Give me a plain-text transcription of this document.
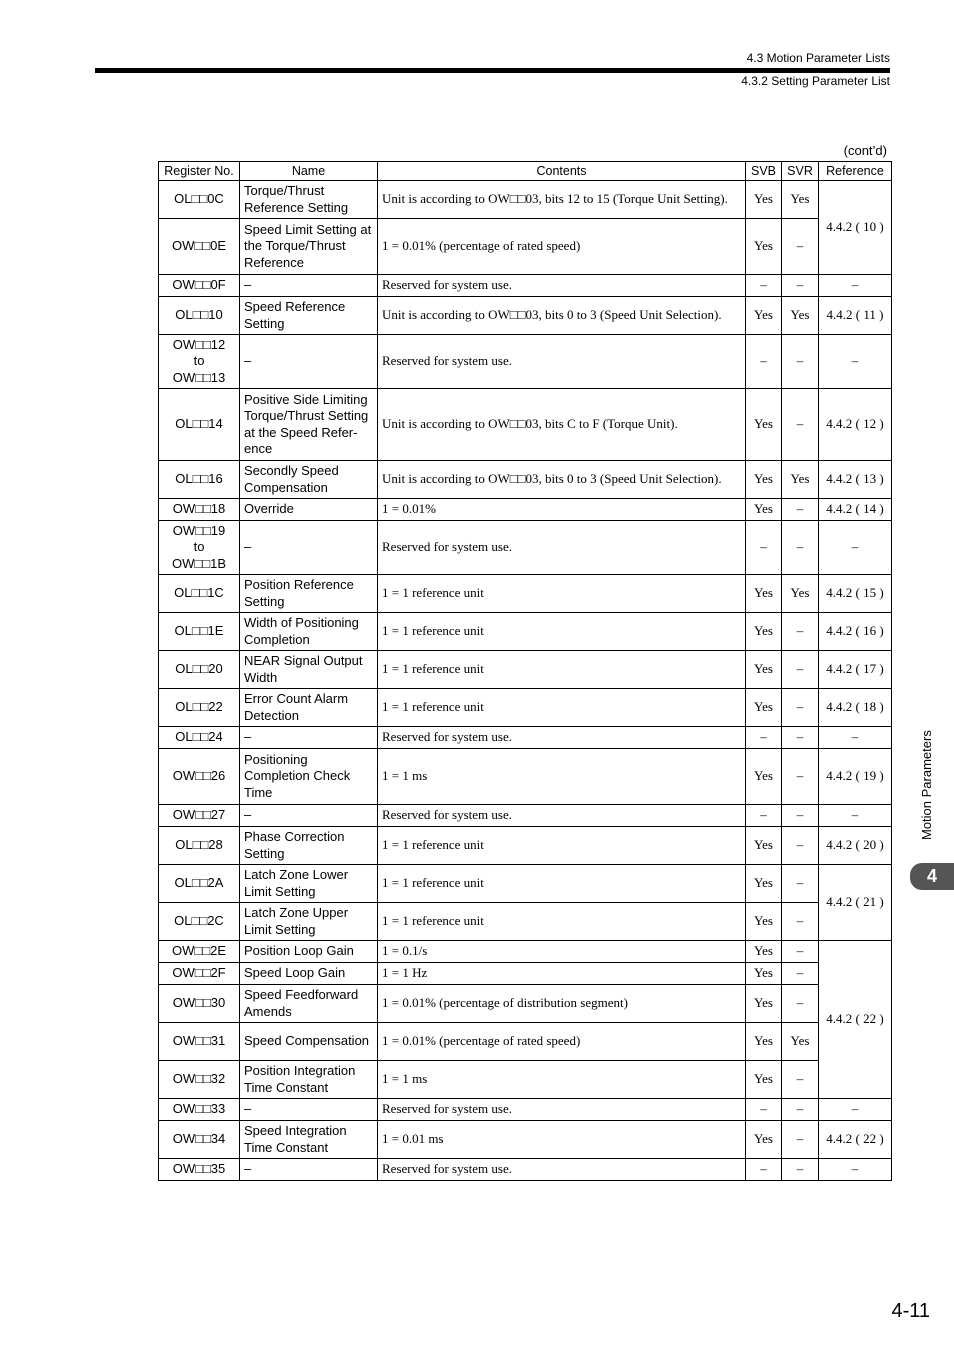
4.3 Motion Parameter Lists
4.3.2 Setting Parameter List
(cont’d)
Register No.	Name	Contents	SVB	SVR	Reference
OL□□0C	Torque/Thrust Reference Setting	Unit is according to OW□□03, bits 12 to 15 (Torque Unit Setting).	Yes	Yes	4.4.2 ( 10 )
OW□□0E	Speed Limit Setting at the Torque/Thrust Reference	1 = 0.01% (percentage of rated speed)	Yes	–	
OW□□0F	–	Reserved for system use.	–	–	–
OL□□10	Speed Reference Setting	Unit is according to OW□□03, bits 0 to 3 (Speed Unit Selection).	Yes	Yes	4.4.2 ( 11 )
OW□□12
to
OW□□13	–	Reserved for system use.	–	–	–
OL□□14	Positive Side Limiting Torque/Thrust Setting at the Speed Refer-ence	Unit is according to OW□□03, bits C to F (Torque Unit).	Yes	–	4.4.2 ( 12 )
OL□□16	Secondly Speed Compensation	Unit is according to OW□□03, bits 0 to 3 (Speed Unit Selection).	Yes	Yes	4.4.2 ( 13 )
OW□□18	Override	1 = 0.01%	Yes	–	4.4.2 ( 14 )
OW□□19
to
OW□□1B	–	Reserved for system use.	–	–	–
OL□□1C	Position Reference Setting	1 = 1 reference unit	Yes	Yes	4.4.2 ( 15 )
OL□□1E	Width of Positioning Completion	1 = 1 reference unit	Yes	–	4.4.2 ( 16 )
OL□□20	NEAR Signal Output Width	1 = 1 reference unit	Yes	–	4.4.2 ( 17 )
OL□□22	Error Count Alarm Detection	1 = 1 reference unit	Yes	–	4.4.2 ( 18 )
OL□□24	–	Reserved for system use.	–	–	–
OW□□26	Positioning Completion Check Time	1 = 1 ms	Yes	–	4.4.2 ( 19 )
OW□□27	–	Reserved for system use.	–	–	–
OL□□28	Phase Correction Setting	1 = 1 reference unit	Yes	–	4.4.2 ( 20 )
OL□□2A	Latch Zone Lower Limit Setting	1 = 1 reference unit	Yes	–	4.4.2 ( 21 )
OL□□2C	Latch Zone Upper Limit Setting	1 = 1 reference unit	Yes	–	
OW□□2E	Position Loop Gain	1 = 0.1/s	Yes	–	4.4.2 ( 22 )
OW□□2F	Speed Loop Gain	1 = 1 Hz	Yes	–	
OW□□30	Speed Feedforward Amends	1 = 0.01% (percentage of distribution segment)	Yes	–	
OW□□31	Speed Compensation	1 = 0.01% (percentage of rated speed)	Yes	Yes	
OW□□32	Position Integration Time Constant	1 = 1 ms	Yes	–	
OW□□33	–	Reserved for system use.	–	–	–
OW□□34	Speed Integration Time Constant	1 = 0.01 ms	Yes	–	4.4.2 ( 22 )
OW□□35	–	Reserved for system use.	–	–	–
Motion Parameters
4
4-11
